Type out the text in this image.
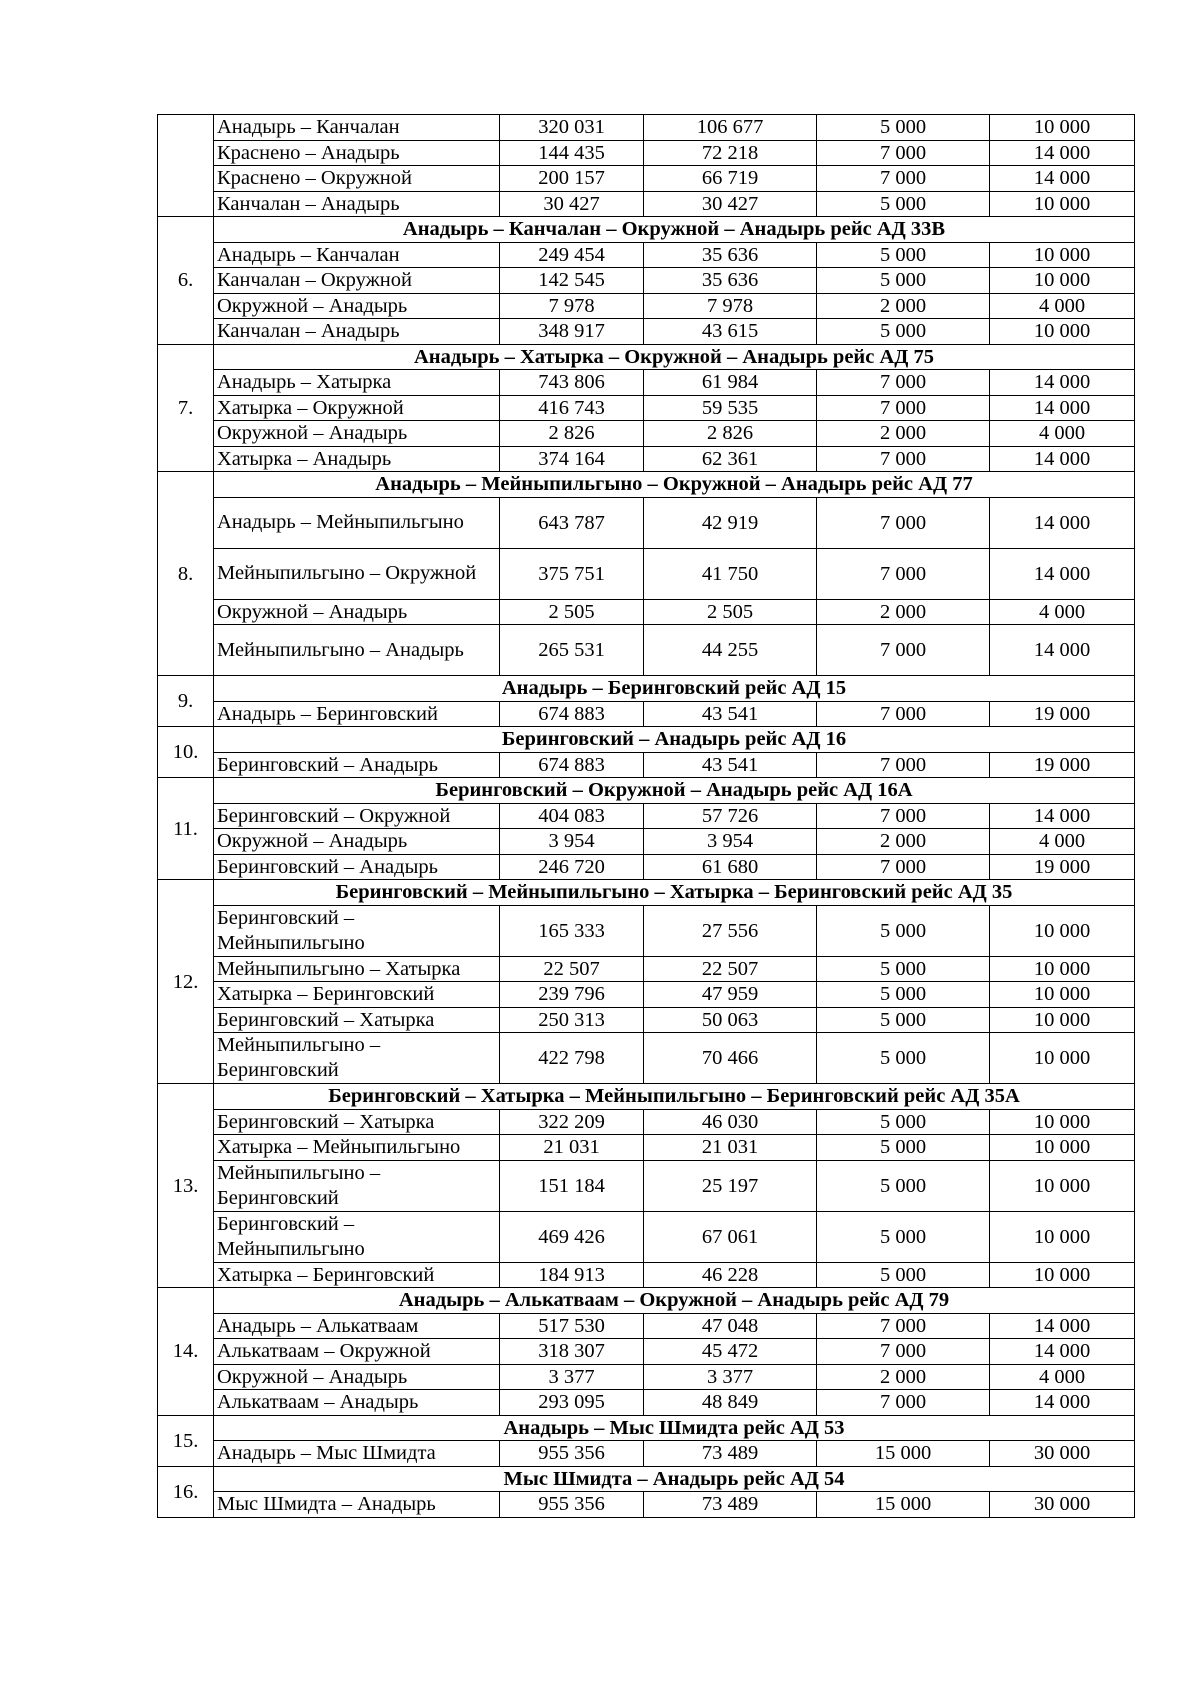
	Анадырь – Канчалан	320 031	106 677	5 000	10 000
	Краснено – Анадырь	144 435	72 218	7 000	14 000
	Краснено – Окружной	200 157	66 719	7 000	14 000
	Канчалан – Анадырь	30 427	30 427	5 000	10 000
6.	Анадырь – Канчалан – Окружной – Анадырь рейс АД 33В				
	Анадырь – Канчалан	249 454	35 636	5 000	10 000
	Канчалан – Окружной	142 545	35 636	5 000	10 000
	Окружной – Анадырь	7 978	7 978	2 000	4 000
	Канчалан – Анадырь	348 917	43 615	5 000	10 000
7.	Анадырь – Хатырка – Окружной – Анадырь рейс АД 75				
	Анадырь – Хатырка	743 806	61 984	7 000	14 000
	Хатырка – Окружной	416 743	59 535	7 000	14 000
	Окружной – Анадырь	2 826	2 826	2 000	4 000
	Хатырка – Анадырь	374 164	62 361	7 000	14 000
8.	Анадырь – Мейныпильгыно – Окружной – Анадырь рейс АД 77				
	Анадырь – Мейныпильгыно	643 787	42 919	7 000	14 000
	Мейныпильгыно – Окружной	375 751	41 750	7 000	14 000
	Окружной – Анадырь	2 505	2 505	2 000	4 000
	Мейныпильгыно – Анадырь	265 531	44 255	7 000	14 000
9.	Анадырь – Беринговский рейс АД 15				
	Анадырь – Беринговский	674 883	43 541	7 000	19 000
10.	Беринговский – Анадырь рейс АД 16				
	Беринговский – Анадырь	674 883	43 541	7 000	19 000
11.	Беринговский – Окружной – Анадырь рейс АД 16А				
	Беринговский – Окружной	404 083	57 726	7 000	14 000
	Окружной – Анадырь	3 954	3 954	2 000	4 000
	Беринговский – Анадырь	246 720	61 680	7 000	19 000
12.	Беринговский – Мейныпильгыно – Хатырка – Беринговский рейс АД 35				
	Беринговский – Мейныпильгыно	165 333	27 556	5 000	10 000
	Мейныпильгыно – Хатырка	22 507	22 507	5 000	10 000
	Хатырка – Беринговский	239 796	47 959	5 000	10 000
	Беринговский – Хатырка	250 313	50 063	5 000	10 000
	Мейныпильгыно – Беринговский	422 798	70 466	5 000	10 000
13.	Беринговский – Хатырка – Мейныпильгыно – Беринговский рейс АД 35А				
	Беринговский – Хатырка	322 209	46 030	5 000	10 000
	Хатырка – Мейныпильгыно	21 031	21 031	5 000	10 000
	Мейныпильгыно – Беринговский	151 184	25 197	5 000	10 000
	Беринговский – Мейныпильгыно	469 426	67 061	5 000	10 000
	Хатырка – Беринговский	184 913	46 228	5 000	10 000
14.	Анадырь – Алькатваам – Окружной – Анадырь рейс АД 79				
	Анадырь – Алькатваам	517 530	47 048	7 000	14 000
	Алькатваам – Окружной	318 307	45 472	7 000	14 000
	Окружной – Анадырь	3 377	3 377	2 000	4 000
	Алькатваам – Анадырь	293 095	48 849	7 000	14 000
15.	Анадырь – Мыс Шмидта рейс АД 53				
	Анадырь – Мыс Шмидта	955 356	73 489	15 000	30 000
16.	Мыс Шмидта – Анадырь рейс АД 54				
	Мыс Шмидта – Анадырь	955 356	73 489	15 000	30 000
